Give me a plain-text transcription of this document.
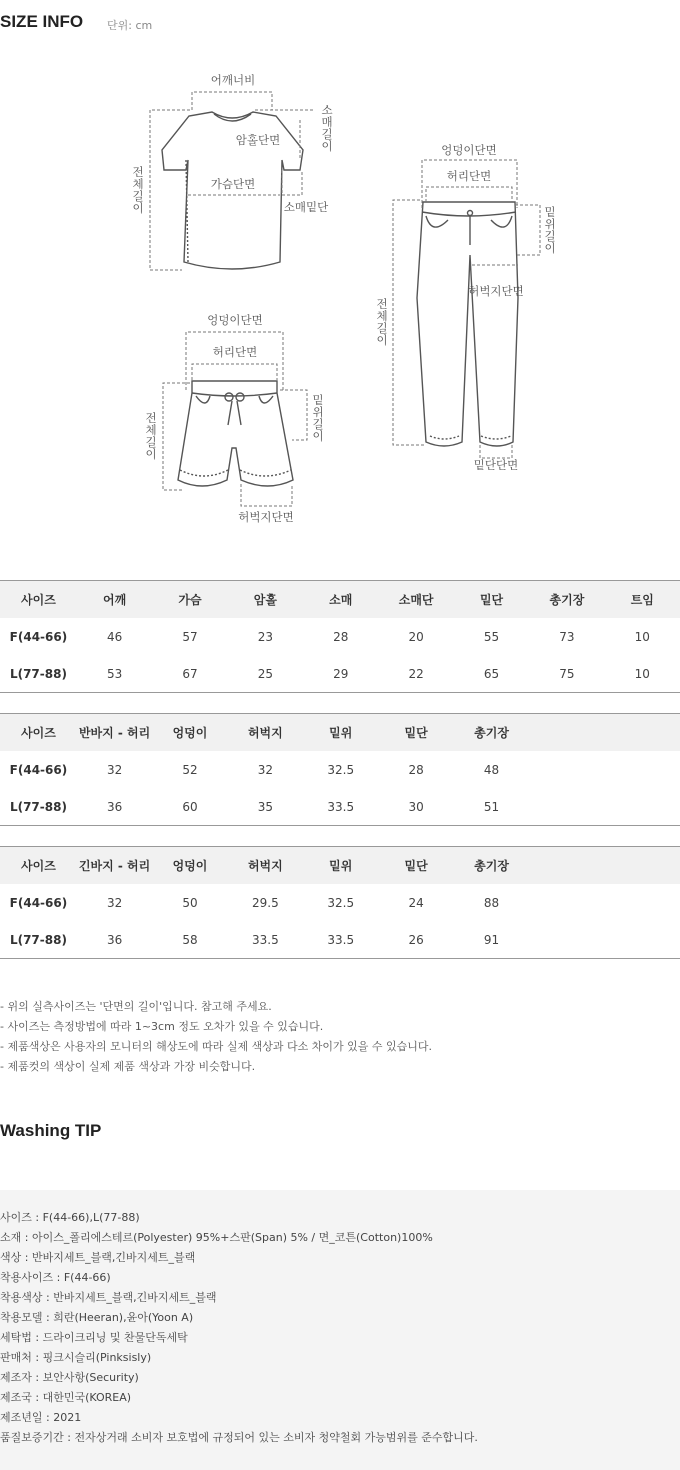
SIZE INFO 단위: cm
어깨너비
암홀단면
가슴단면
소매밑단
소
매
길
이
전
체
길
이
엉덩이단면
허리단면
허벅지단면
밑
위
길
이
전
체
길
이
엉덩이단면
허리단면
허벅지단면
밑단단면
밑
위
길
이
전
체
길
이
사이즈	어깨	가슴	암홀	소매	소매단	밑단	총기장	트임
F(44-66)	46	57	23	28	20	55	73	10
L(77-88)	53	67	25	29	22	65	75	10
사이즈	반바지 - 허리	엉덩이	허벅지	밑위	밑단	총기장
F(44-66)	32	52	32	32.5	28	48
L(77-88)	36	60	35	33.5	30	51
사이즈	긴바지 - 허리	엉덩이	허벅지	밑위	밑단	총기장
F(44-66)	32	50	29.5	32.5	24	88
L(77-88)	36	58	33.5	33.5	26	91
- 위의 실측사이즈는 '단면의 길이'입니다. 참고해 주세요.
- 사이즈는 측정방법에 따라 1~3cm 정도 오차가 있을 수 있습니다.
- 제품색상은 사용자의 모니터의 해상도에 따라 실제 색상과 다소 차이가 있을 수 있습니다.
- 제품컷의 색상이 실제 제품 색상과 가장 비슷합니다.
Washing TIP
사이즈 : F(44-66),L(77-88)
소재 : 아이스_폴리에스테르(Polyester) 95%+스판(Span) 5% / 면_코튼(Cotton)100%
색상 : 반바지세트_블랙,긴바지세트_블랙
착용사이즈 : F(44-66)
착용색상 : 반바지세트_블랙,긴바지세트_블랙
착용모델 : 희란(Heeran),윤아(Yoon A)
세탁법 : 드라이크리닝 및 찬물단독세탁
판매처 : 핑크시슬리(Pinksisly)
제조자 : 보안사항(Security)
제조국 : 대한민국(KOREA)
제조년일 : 2021
품질보증기간 : 전자상거래 소비자 보호법에 규정되어 있는 소비자 청약철회 가능범위를 준수합니다.
